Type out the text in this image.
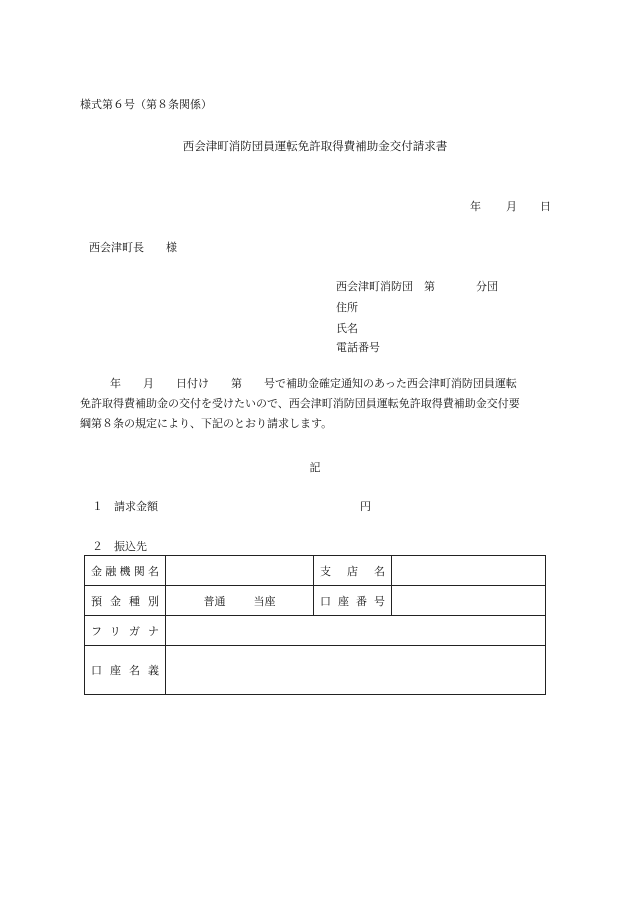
様式第６号（第８条関係）
西会津町消防団員運転免許取得費補助金交付請求書
年 月 日
西会津町長　　様
西会津町消防団　第	分団
住所
氏名
電話番号
年　　月　　日付け　　第　　号で補助金確定通知のあった西会津町消防団員運転
免許取得費補助金の交付を受けたいので、西会津町消防団員運転免許取得費補助金交付要
綱第８条の規定により、下記のとおり請求します。
記
１　請求金額	円
２　振込先
金融機関名		支店名	
預金種別	普通 当座	口座番号	
フリガナ			
口座名義			
